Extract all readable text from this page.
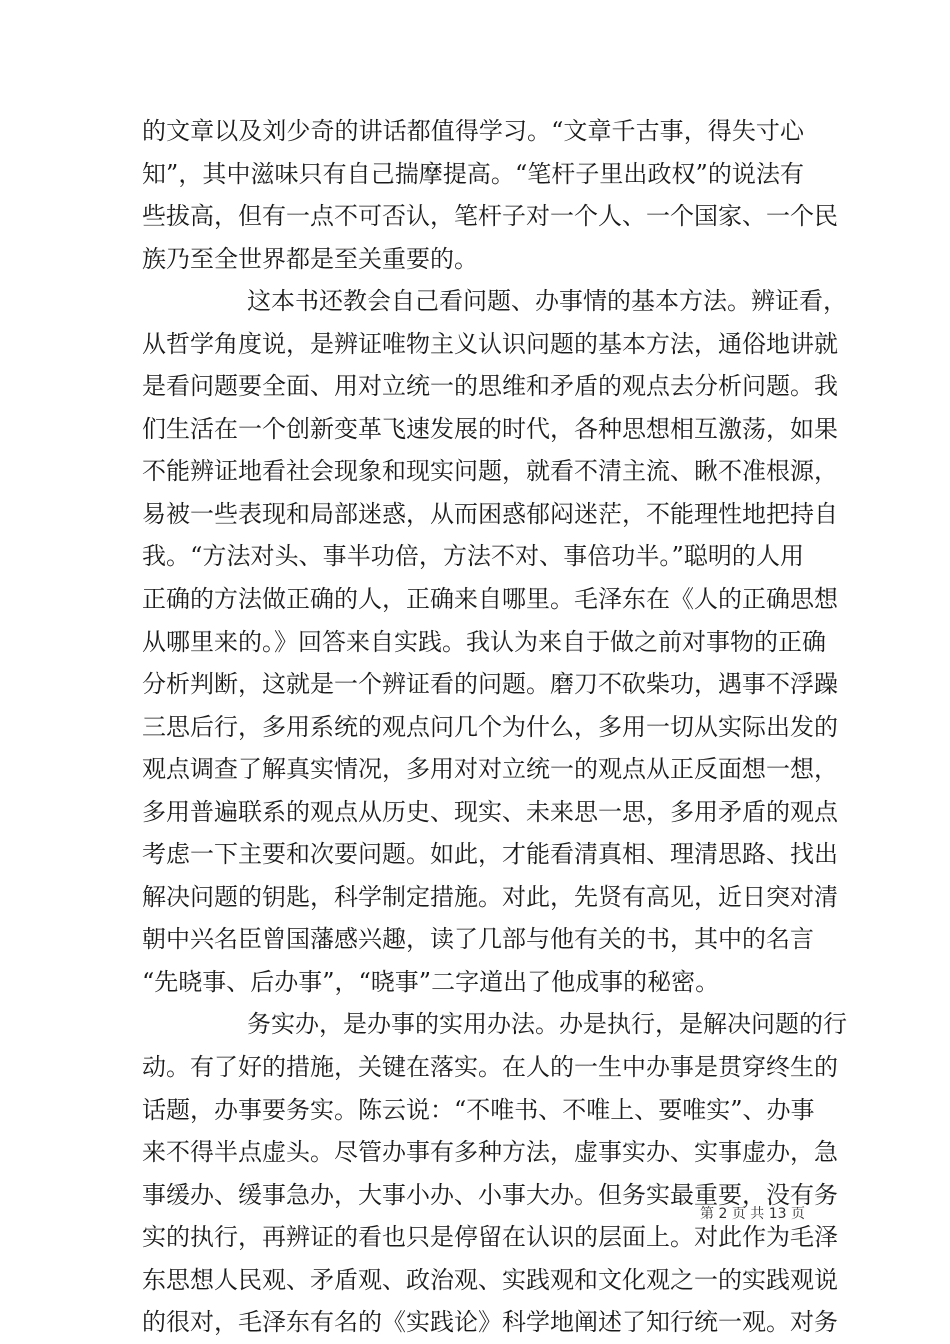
的文章以及刘少奇的讲话都值得学习。“文章千古事，得失寸心
知”，其中滋味只有自己揣摩提高。“笔杆子里出政权”的说法有
些拔高，但有一点不可否认，笔杆子对一个人、一个国家、一个民
族乃至全世界都是至关重要的。
这本书还教会自己看问题、办事情的基本方法。辨证看，
从哲学角度说，是辨证唯物主义认识问题的基本方法，通俗地讲就
是看问题要全面、用对立统一的思维和矛盾的观点去分析问题。我
们生活在一个创新变革飞速发展的时代，各种思想相互激荡，如果
不能辨证地看社会现象和现实问题，就看不清主流、瞅不准根源，
易被一些表现和局部迷惑，从而困惑郁闷迷茫，不能理性地把持自
我。“方法对头、事半功倍，方法不对、事倍功半。”聪明的人用
正确的方法做正确的人，正确来自哪里。毛泽东在《人的正确思想
从哪里来的。》回答来自实践。我认为来自于做之前对事物的正确
分析判断，这就是一个辨证看的问题。磨刀不砍柴功，遇事不浮躁
三思后行，多用系统的观点问几个为什么，多用一切从实际出发的
观点调查了解真实情况，多用对对立统一的观点从正反面想一想，
多用普遍联系的观点从历史、现实、未来思一思，多用矛盾的观点
考虑一下主要和次要问题。如此，才能看清真相、理清思路、找出
解决问题的钥匙，科学制定措施。对此，先贤有高见，近日突对清
朝中兴名臣曾国藩感兴趣，读了几部与他有关的书，其中的名言
“先晓事、后办事”，“晓事”二字道出了他成事的秘密。
务实办，是办事的实用办法。办是执行，是解决问题的行
动。有了好的措施，关键在落实。在人的一生中办事是贯穿终生的
话题，办事要务实。陈云说：“不唯书、不唯上、要唯实”、办事
来不得半点虚头。尽管办事有多种方法，虚事实办、实事虚办，急
事缓办、缓事急办，大事小办、小事大办。但务实最重要，没有务
实的执行，再辨证的看也只是停留在认识的层面上。对此作为毛泽
东思想人民观、矛盾观、政治观、实践观和文化观之一的实践观说
的很对，毛泽东有名的《实践论》科学地阐述了知行统一观。对务
第 2 页 共 13 页
